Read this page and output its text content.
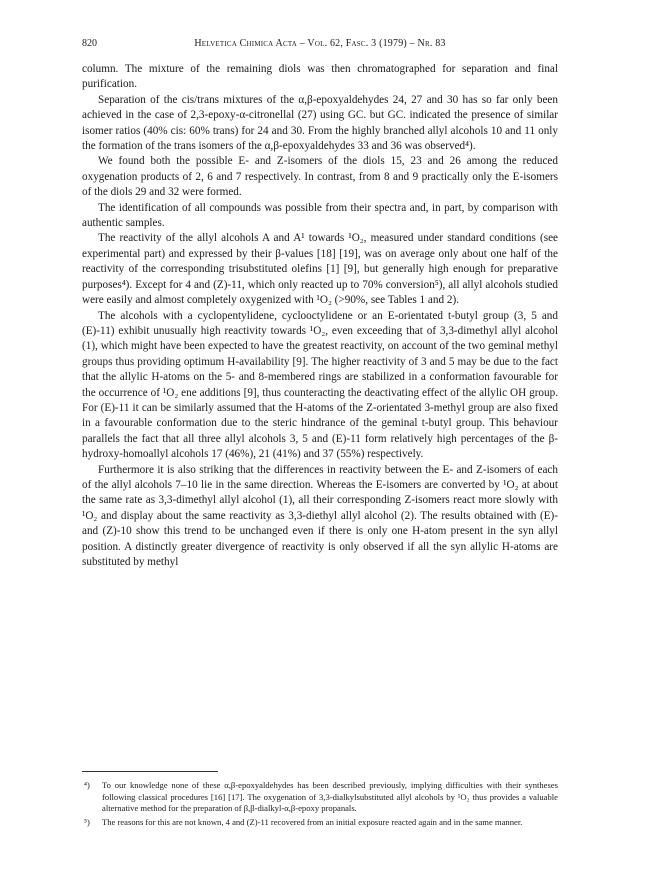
820	Helvetica Chimica Acta – Vol. 62, Fasc. 3 (1979) – Nr. 83

column. The mixture of the remaining diols was then chromatographed for separation and final purification.

Separation of the cis/trans mixtures of the α,β-epoxyaldehydes 24, 27 and 30 has so far only been achieved in the case of 2,3-epoxy-α-citronellal (27) using GC. but GC. indicated the presence of similar isomer ratios (40% cis: 60% trans) for 24 and 30. From the highly branched allyl alcohols 10 and 11 only the formation of the trans isomers of the α,β-epoxyaldehydes 33 and 36 was observed⁴).

We found both the possible E- and Z-isomers of the diols 15, 23 and 26 among the reduced oxygenation products of 2, 6 and 7 respectively. In contrast, from 8 and 9 practically only the E-isomers of the diols 29 and 32 were formed.

The identification of all compounds was possible from their spectra and, in part, by comparison with authentic samples.

The reactivity of the allyl alcohols A and A¹ towards ¹O₂, measured under standard conditions (see experimental part) and expressed by their β-values [18] [19], was on average only about one half of the reactivity of the corresponding trisubstituted olefins [1] [9], but generally high enough for preparative purposes⁴). Except for 4 and (Z)-11, which only reacted up to 70% conversion⁵), all allyl alcohols studied were easily and almost completely oxygenized with ¹O₂ (>90%, see Tables 1 and 2).

The alcohols with a cyclopentylidene, cyclooctylidene or an E-orientated t-butyl group (3, 5 and (E)-11) exhibit unusually high reactivity towards ¹O₂, even exceeding that of 3,3-dimethyl allyl alcohol (1), which might have been expected to have the greatest reactivity, on account of the two geminal methyl groups thus providing optimum H-availability [9]. The higher reactivity of 3 and 5 may be due to the fact that the allylic H-atoms on the 5- and 8-membered rings are stabilized in a conformation favourable for the occurrence of ¹O₂ ene additions [9], thus counteracting the deactivating effect of the allylic OH group. For (E)-11 it can be similarly assumed that the H-atoms of the Z-orientated 3-methyl group are also fixed in a favourable conformation due to the steric hindrance of the geminal t-butyl group. This behaviour parallels the fact that all three allyl alcohols 3, 5 and (E)-11 form relatively high percentages of the β-hydroxy-homoallyl alcohols 17 (46%), 21 (41%) and 37 (55%) respectively.

Furthermore it is also striking that the differences in reactivity between the E- and Z-isomers of each of the allyl alcohols 7–10 lie in the same direction. Whereas the E-isomers are converted by ¹O₂ at about the same rate as 3,3-dimethyl allyl alcohol (1), all their corresponding Z-isomers react more slowly with ¹O₂ and display about the same reactivity as 3,3-diethyl allyl alcohol (2). The results obtained with (E)- and (Z)-10 show this trend to be unchanged even if there is only one H-atom present in the syn allyl position. A distinctly greater divergence of reactivity is only observed if all the syn allylic H-atoms are substituted by methyl

⁴) To our knowledge none of these α,β-epoxyaldehydes has been described previously, implying difficulties with their syntheses following classical procedures [16] [17]. The oxygenation of 3,3-dialkylsubstituted allyl alcohols by ¹O₂ thus provides a valuable alternative method for the preparation of β,β-dialkyl-α,β-epoxy propanals.
⁵) The reasons for this are not known, 4 and (Z)-11 recovered from an initial exposure reacted again and in the same manner.
